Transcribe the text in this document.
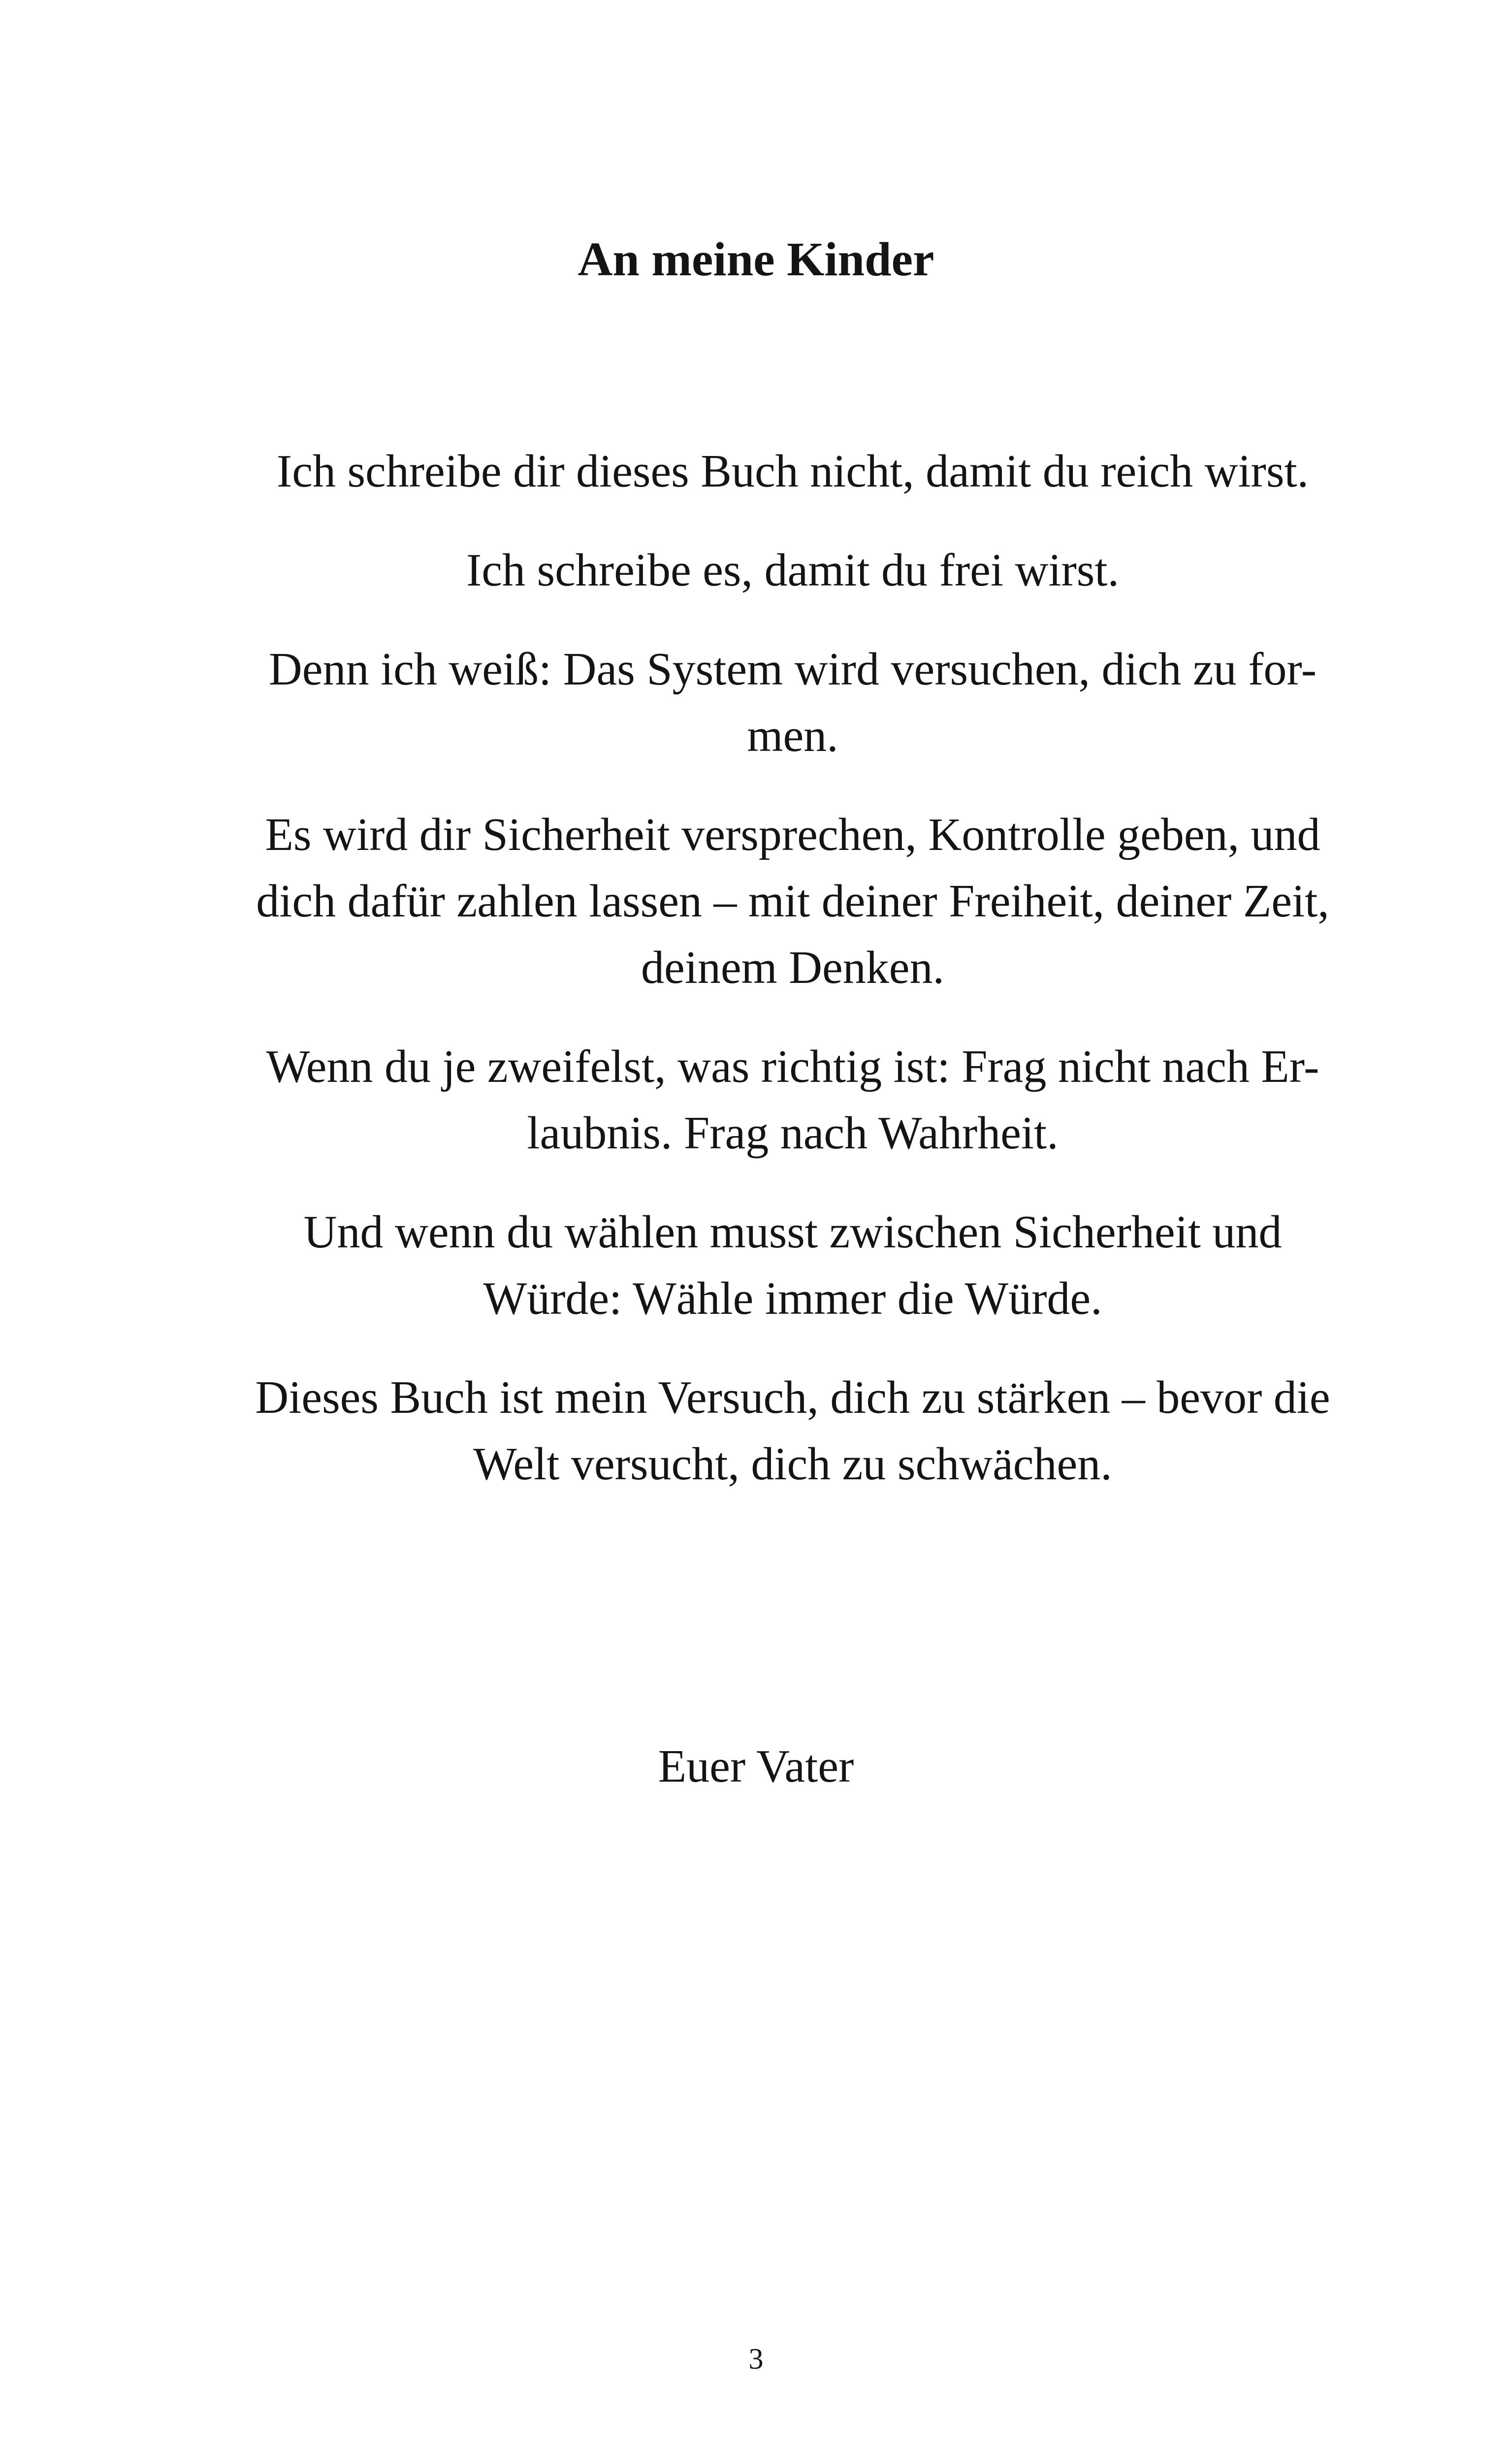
An meine Kinder

Ich schreibe dir dieses Buch nicht, damit du reich wirst.

Ich schreibe es, damit du frei wirst.

Denn ich weiß: Das System wird versuchen, dich zu for-
men.

Es wird dir Sicherheit versprechen, Kontrolle geben, und
dich dafür zahlen lassen – mit deiner Freiheit, deiner Zeit,
deinem Denken.

Wenn du je zweifelst, was richtig ist: Frag nicht nach Er-
laubnis. Frag nach Wahrheit.

Und wenn du wählen musst zwischen Sicherheit und
Würde: Wähle immer die Würde.

Dieses Buch ist mein Versuch, dich zu stärken – bevor die
Welt versucht, dich zu schwächen.

Euer Vater

3
